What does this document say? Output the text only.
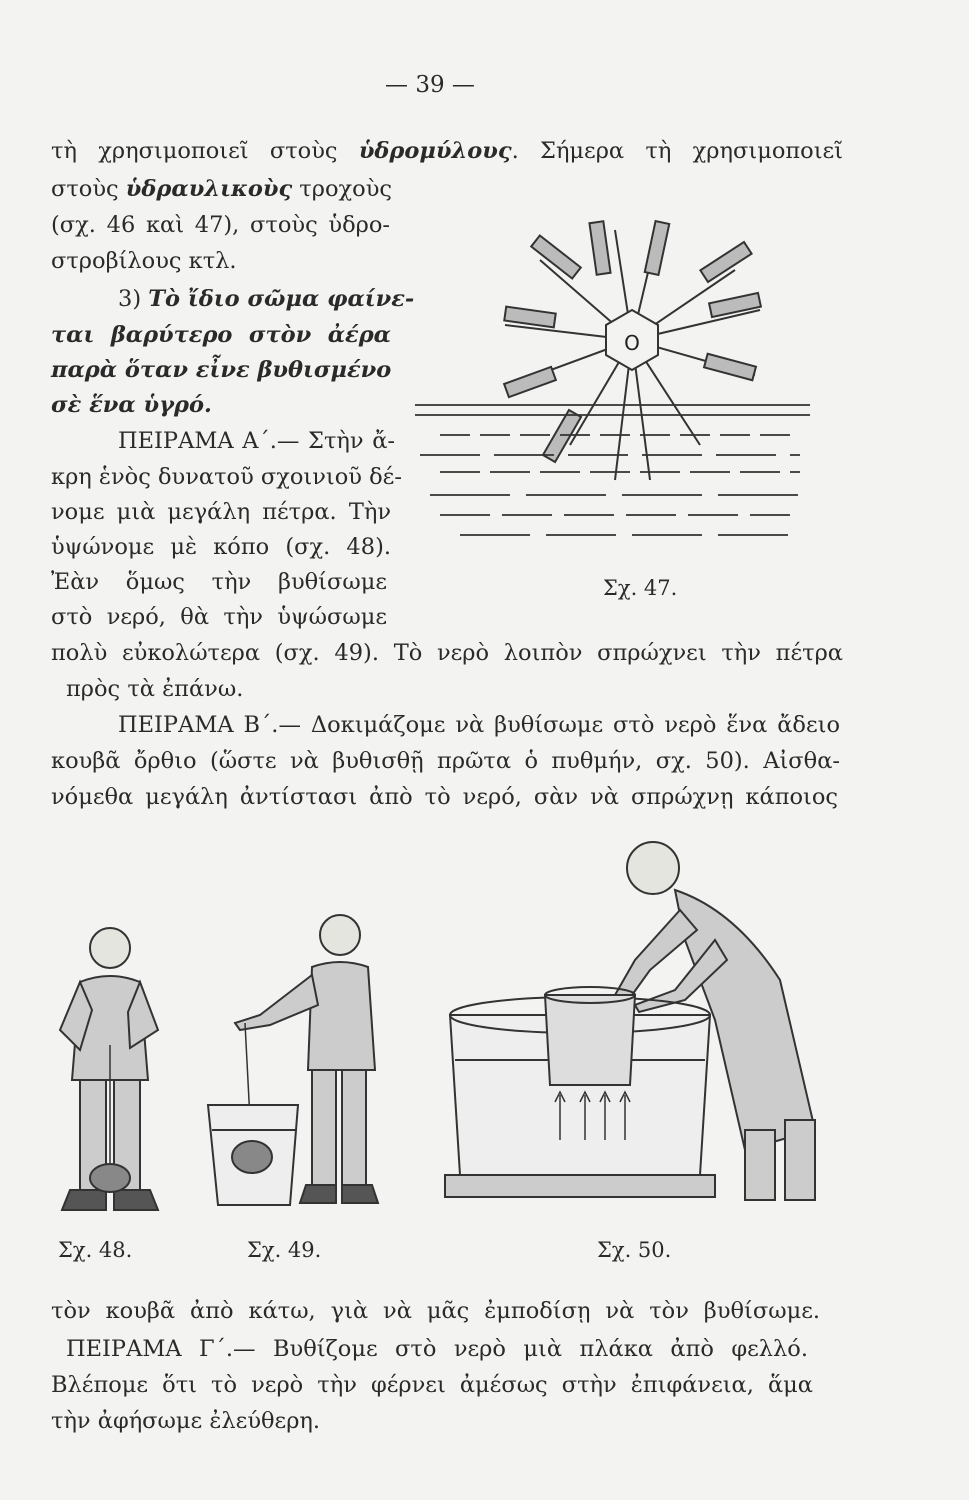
— 39 —
τὴ χρησιμοποιεῖ στοὺς ὑδρομύλους. Σήμερα τὴ χρησιμοποιεῖ
στοὺς ὑδραυλικοὺς τροχοὺς
(σχ. 46 καὶ 47), στοὺς ὑδρο-
στροβίλους κτλ.
3) Τὸ ἴδιο σῶμα φαίνε-
ται βαρύτερο στὸν ἀέρα
παρὰ ὅταν εἶνε βυθισμένο
σὲ ἕνα ὑγρό.
ΠΕΙΡΑΜΑ Α΄.— Στὴν ἄ-
κρη ἑνὸς δυνατοῦ σχοινιοῦ δέ-
νομε μιὰ μεγάλη πέτρα. Τὴν
ὑψώνομε μὲ κόπο (σχ. 48).
Ἐὰν ὅμως τὴν βυθίσωμε
στὸ νερό, θὰ τὴν ὑψώσωμε
πολὺ εὐκολώτερα (σχ. 49). Τὸ νερὸ λοιπὸν σπρώχνει τὴν πέτρα
πρὸς τὰ ἐπάνω.
ΠΕΙΡΑΜΑ Β΄.— Δοκιμάζομε νὰ βυθίσωμε στὸ νερὸ ἕνα ἄδειο
κουβᾶ ὄρθιο (ὥστε νὰ βυθισθῇ πρῶτα ὁ πυθμήν, σχ. 50). Αἰσθα-
νόμεθα μεγάλη ἀντίστασι ἀπὸ τὸ νερό, σὰν νὰ σπρώχνῃ κάποιος
τὸν κουβᾶ ἀπὸ κάτω, γιὰ νὰ μᾶς ἐμποδίσῃ νὰ τὸν βυθίσωμε.
ΠΕΙΡΑΜΑ Γ΄.— Βυθίζομε στὸ νερὸ μιὰ πλάκα ἀπὸ φελλό.
Βλέπομε ὅτι τὸ νερὸ τὴν φέρνει ἀμέσως στὴν ἐπιφάνεια, ἅμα
τὴν ἀφήσωμε ἐλεύθερη.
O
Σχ. 47.
Σχ. 48.	Σχ. 49.	Σχ. 50.
